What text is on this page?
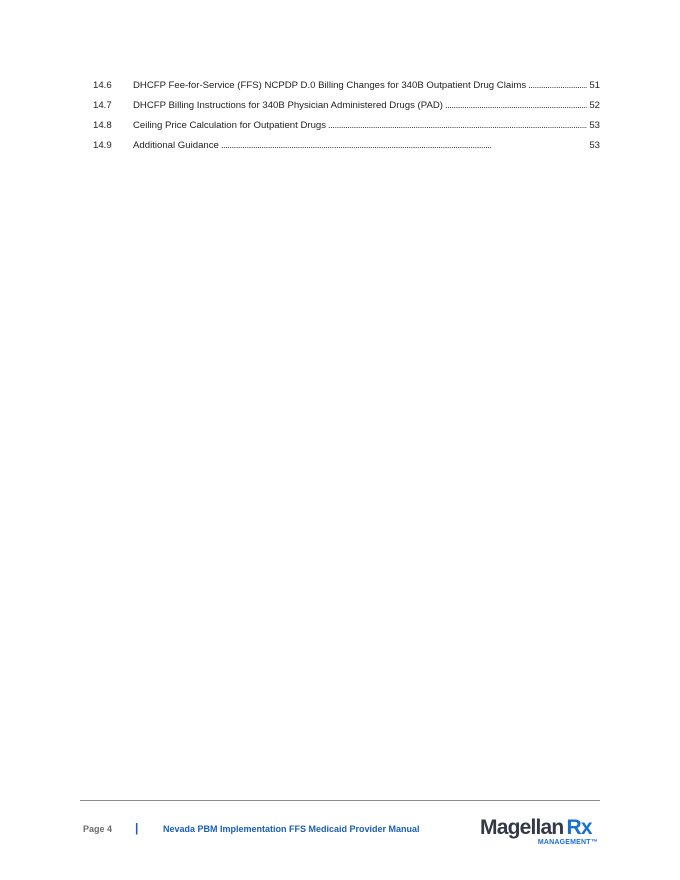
14.6	DHCFP Fee-for-Service (FFS) NCPDP D.0 Billing Changes for 340B Outpatient Drug Claims . . .	51
14.7	DHCFP Billing Instructions for 340B Physician Administered Drugs (PAD) . . .	52
14.8	Ceiling Price Calculation for Outpatient Drugs . . .	53
14.9	Additional Guidance . . .	53
Page 4 |	Nevada PBM Implementation FFS Medicaid Provider Manual	Magellan Rx
MANAGEMENT™
